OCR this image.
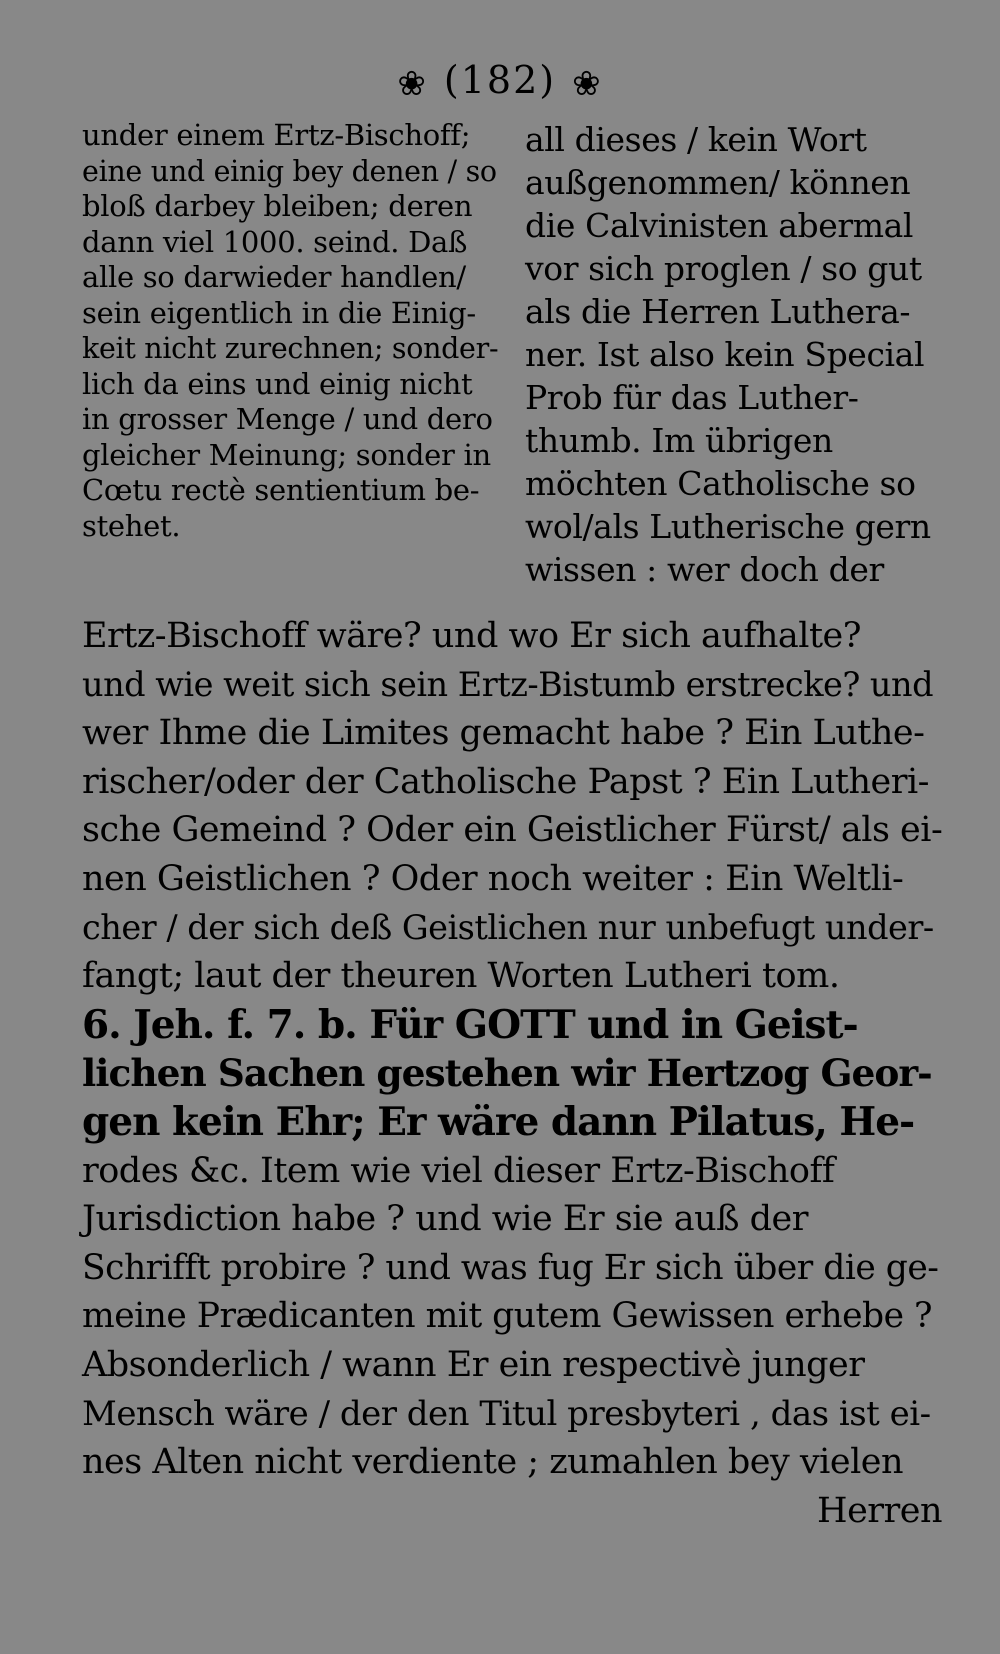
❀ (182) ❀
under einem Ertz-Bischoff;
eine und einig bey denen / so
bloß darbey bleiben; deren
dann viel 1000. seind. Daß
alle so darwieder handlen/
sein eigentlich in die Einig-
keit nicht zurechnen; sonder-
lich da eins und einig nicht
in grosser Menge / und dero
gleicher Meinung; sonder in
Cœtu rectè sentientium be-
stehet.
all dieses / kein Wort
außgenommen/ können
die Calvinisten abermal
vor sich proglen / so gut
als die Herren Luthera-
ner. Ist also kein Special
Prob für das Luther-
thumb. Im übrigen
möchten Catholische so
wol/als Lutherische gern
wissen : wer doch der
Ertz-Bischoff wäre? und wo Er sich aufhalte?
und wie weit sich sein Ertz-Bistumb erstrecke? und
wer Ihme die Limites gemacht habe ? Ein Luthe-
rischer/oder der Catholische Papst ? Ein Lutheri-
sche Gemeind ? Oder ein Geistlicher Fürst/ als ei-
nen Geistlichen ? Oder noch weiter : Ein Weltli-
cher / der sich deß Geistlichen nur unbefugt under-
fangt; laut der theuren Worten Lutheri tom.
6. Jeh. f. 7. b. Für GOTT und in Geist-
lichen Sachen gestehen wir Hertzog Geor-
gen kein Ehr; Er wäre dann Pilatus, He-
rodes &c. Item wie viel dieser Ertz-Bischoff
Jurisdiction habe ? und wie Er sie auß der
Schrifft probire ? und was fug Er sich über die ge-
meine Prædicanten mit gutem Gewissen erhebe ?
Absonderlich / wann Er ein respectivè junger
Mensch wäre / der den Titul presbyteri , das ist ei-
nes Alten nicht verdiente ; zumahlen bey vielen
Herren
